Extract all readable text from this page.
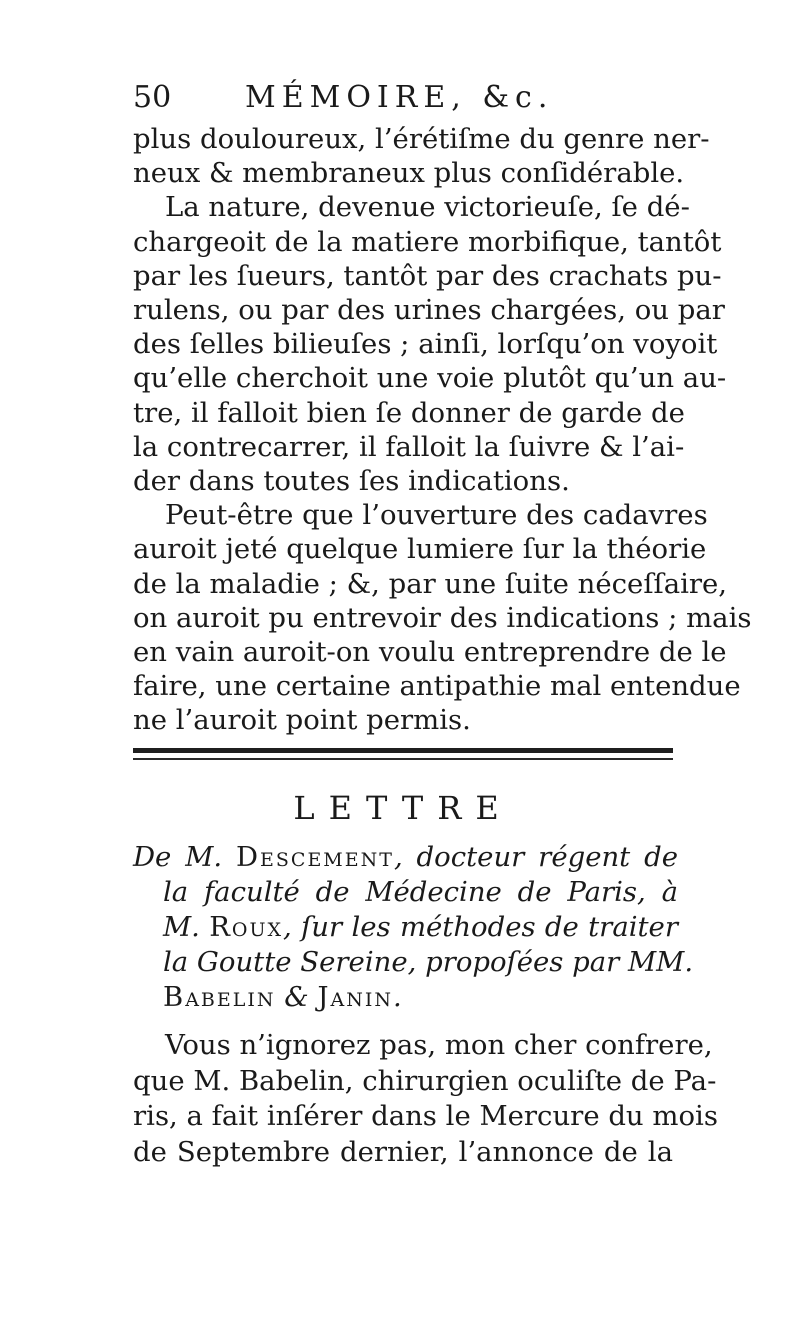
50 MÉMOIRE, &c.
plus douloureux, l’érétiſme du genre ner-
neux & membraneux plus conſidérable.
La nature, devenue victorieuſe, ſe dé-
chargeoit de la matiere morbifique, tantôt
par les ſueurs, tantôt par des crachats pu-
rulens, ou par des urines chargées, ou par
des ſelles bilieuſes ; ainſi, lorſqu’on voyoit
qu’elle cherchoit une voie plutôt qu’un au-
tre, il falloit bien ſe donner de garde de
la contrecarrer, il falloit la ſuivre & l’ai-
der dans toutes ſes indications.
Peut-être que l’ouverture des cadavres
auroit jeté quelque lumiere ſur la théorie
de la maladie ; &, par une ſuite néceſſaire,
on auroit pu entrevoir des indications ; mais
en vain auroit-on voulu entreprendre de le
faire, une certaine antipathie mal entendue
ne l’auroit point permis.
LETTRE
De M. Descement, docteur régent de
la faculté de Médecine de Paris, à
M. Roux, ſur les méthodes de traiter
la Goutte Sereine, propoſées par MM.
Babelin & Janin.
Vous n’ignorez pas, mon cher confrere,
que M. Babelin, chirurgien oculiſte de Pa-
ris, a fait inſérer dans le Mercure du mois
de Septembre dernier, l’annonce de la
